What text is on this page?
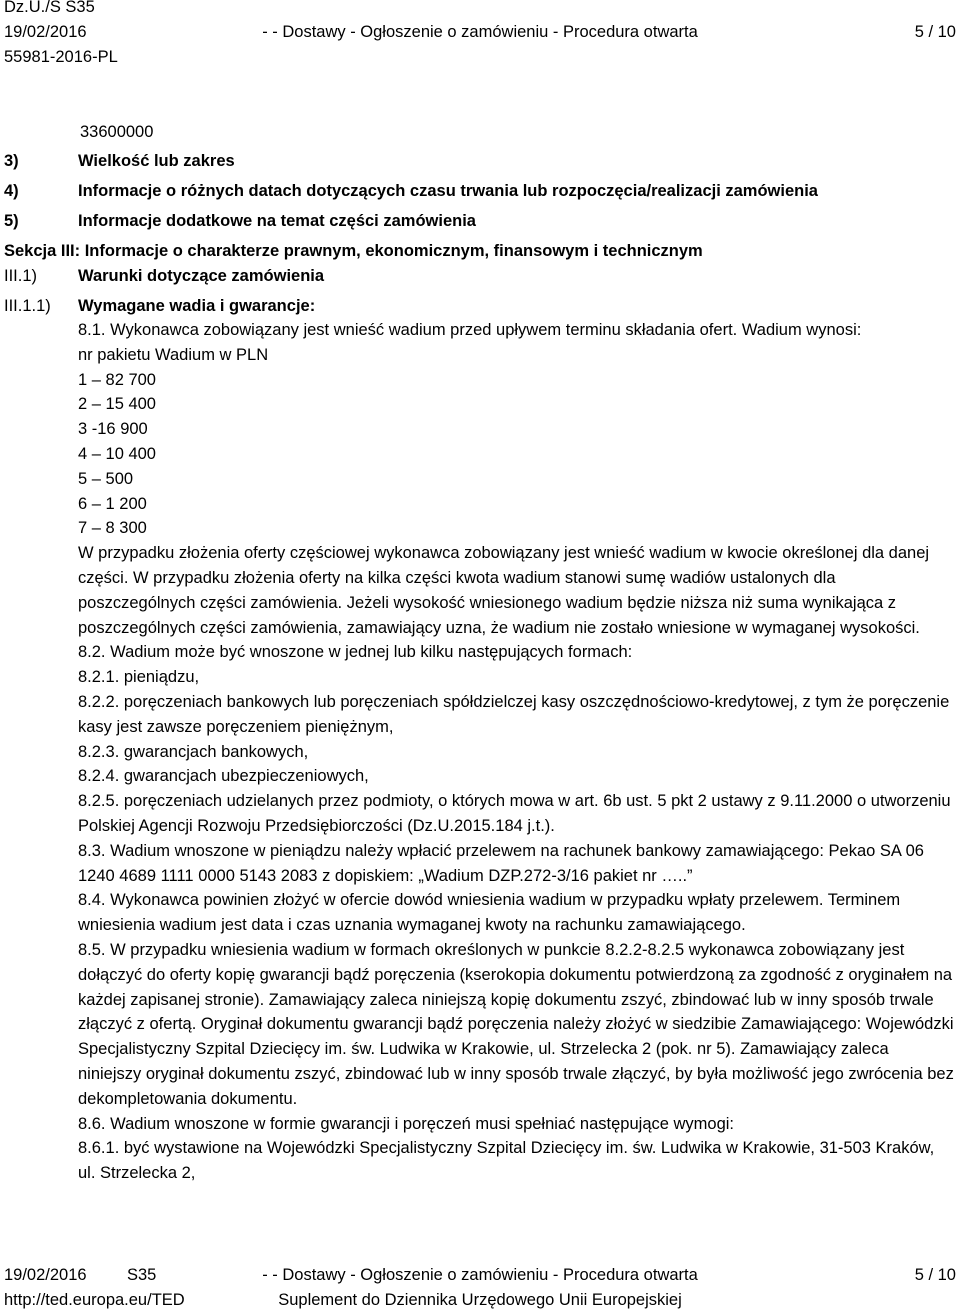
Dz.U./S S35
19/02/2016
55981-2016-PL
- - Dostawy - Ogłoszenie o zamówieniu - Procedura otwarta	5 / 10
33600000
3)	Wielkość lub zakres
4)	Informacje o różnych datach dotyczących czasu trwania lub rozpoczęcia/realizacji zamówienia
5)	Informacje dodatkowe na temat części zamówienia
Sekcja III: Informacje o charakterze prawnym, ekonomicznym, finansowym i technicznym
III.1) Warunki dotyczące zamówienia
III.1.1) Wymagane wadia i gwarancje:

8.1. Wykonawca zobowiązany jest wnieść wadium przed upływem terminu składania ofert. Wadium wynosi:

nr pakietu Wadium w PLN

1 – 82 700

2 – 15 400

3 -16 900

4 – 10 400

5 – 500

6 – 1 200

7 – 8 300

W przypadku złożenia oferty częściowej wykonawca zobowiązany jest wnieść wadium w kwocie określonej dla danej części. W przypadku złożenia oferty na kilka części kwota wadium stanowi sumę wadiów ustalonych dla poszczególnych części zamówienia. Jeżeli wysokość wniesionego wadium będzie niższa niż suma wynikająca z poszczególnych części zamówienia, zamawiający uzna, że wadium nie zostało wniesione w wymaganej wysokości.

8.2. Wadium może być wnoszone w jednej lub kilku następujących formach:

8.2.1. pieniądzu,

8.2.2. poręczeniach bankowych lub poręczeniach spółdzielczej kasy oszczędnościowo-kredytowej, z tym że poręczenie kasy jest zawsze poręczeniem pieniężnym,

8.2.3. gwarancjach bankowych,

8.2.4. gwarancjach ubezpieczeniowych,

8.2.5. poręczeniach udzielanych przez podmioty, o których mowa w art. 6b ust. 5 pkt 2 ustawy z 9.11.2000 o utworzeniu Polskiej Agencji Rozwoju Przedsiębiorczości (Dz.U.2015.184 j.t.).

8.3. Wadium wnoszone w pieniądzu należy wpłacić przelewem na rachunek bankowy zamawiającego: Pekao SA 06 1240 4689 1111 0000 5143 2083 z dopiskiem: „Wadium DZP.272-3/16 pakiet nr …..”

8.4. Wykonawca powinien złożyć w ofercie dowód wniesienia wadium w przypadku wpłaty przelewem. Terminem wniesienia wadium jest data i czas uznania wymaganej kwoty na rachunku zamawiającego.

8.5. W przypadku wniesienia wadium w formach określonych w punkcie 8.2.2-8.2.5 wykonawca zobowiązany jest dołączyć do oferty kopię gwarancji bądź poręczenia (kserokopia dokumentu potwierdzoną za zgodność z oryginałem na każdej zapisanej stronie). Zamawiający zaleca niniejszą kopię dokumentu zszyć, zbindować lub w inny sposób trwale złączyć z ofertą. Oryginał dokumentu gwarancji bądź poręczenia należy złożyć w siedzibie Zamawiającego: Wojewódzki Specjalistyczny Szpital Dziecięcy im. św. Ludwika w Krakowie, ul. Strzelecka 2 (pok. nr 5). Zamawiający zaleca niniejszy oryginał dokumentu zszyć, zbindować lub w inny sposób trwale złączyć, by była możliwość jego zwrócenia bez dekompletowania dokumentu.

8.6. Wadium wnoszone w formie gwarancji i poręczeń musi spełniać następujące wymogi:

8.6.1. być wystawione na Wojewódzki Specjalistyczny Szpital Dziecięcy im. św. Ludwika w Krakowie, 31-503 Kraków, ul. Strzelecka 2,

19/02/2016 S35	- - Dostawy - Ogłoszenie o zamówieniu - Procedura otwarta	5 / 10
http://ted.europa.eu/TED	Suplement do Dziennika Urzędowego Unii Europejskiej
